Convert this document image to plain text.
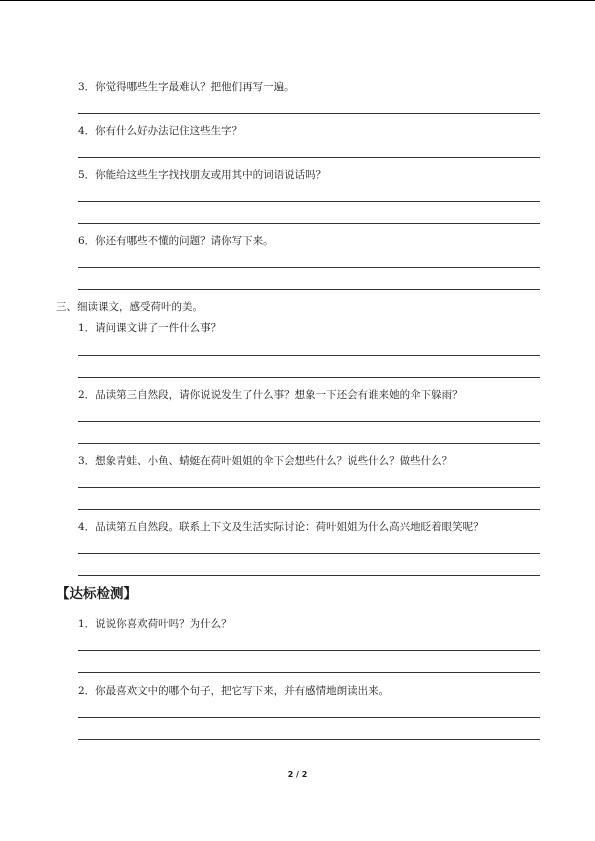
3．你觉得哪些生字最难认？把他们再写一遍。
4．你有什么好办法记住这些生字？
5．你能给这些生字找找朋友或用其中的词语说话吗？
6．你还有哪些不懂的问题？请你写下来。
三、细读课文，感受荷叶的美。
1．请问课文讲了一件什么事？
2．品读第三自然段，请你说说发生了什么事？想象一下还会有谁来她的伞下躲雨？
3．想象青蛙、小鱼、蜻蜓在荷叶姐姐的伞下会想些什么？说些什么？做些什么？
4．品读第五自然段。联系上下文及生活实际讨论：荷叶姐姐为什么高兴地眨着眼笑呢？
【达标检测】
1．说说你喜欢荷叶吗？为什么？
2．你最喜欢文中的哪个句子，把它写下来，并有感情地朗读出来。
2 / 2
